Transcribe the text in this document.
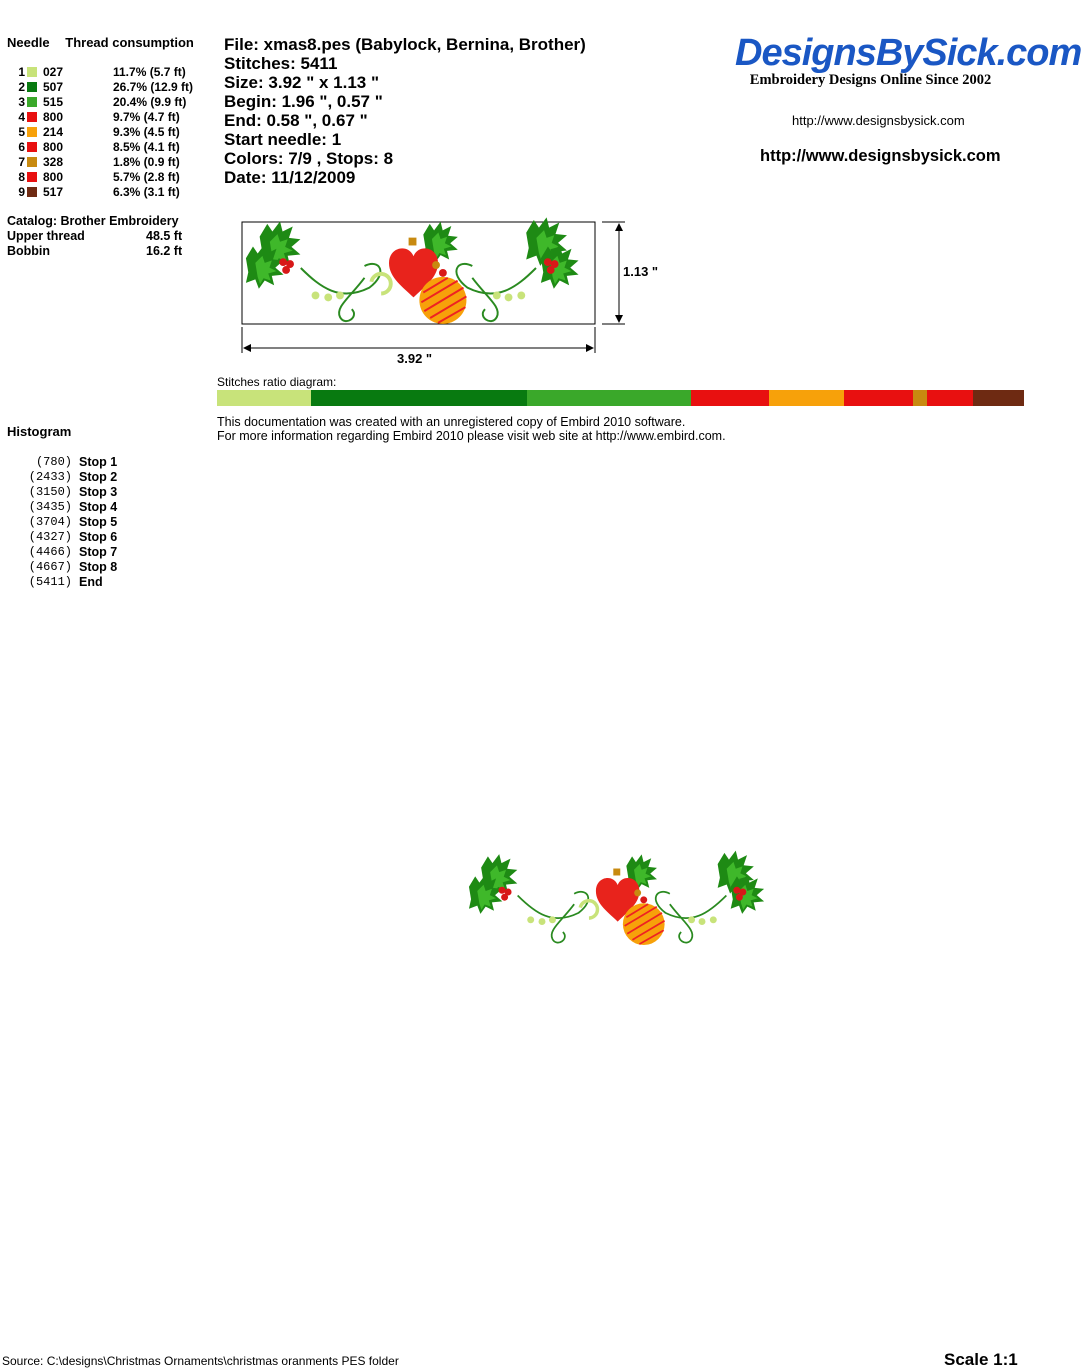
Needle Thread consumption
1 027	11.7% (5.7 ft)
2 507	26.7% (12.9 ft)
3 515	20.4% (9.9 ft)
4 800	9.7% (4.7 ft)
5 214	9.3% (4.5 ft)
6 800	8.5% (4.1 ft)
7 328	1.8% (0.9 ft)
8 800	5.7% (2.8 ft)
9 517	6.3% (3.1 ft)
Catalog: Brother Embroidery
Upper thread	48.5 ft
Bobbin	16.2 ft
File: xmas8.pes (Babylock, Bernina, Brother)
Stitches: 5411
Size: 3.92 " x 1.13 "
Begin: 1.96 ", 0.57 "
End: 0.58 ", 0.67 "
Start needle: 1
Colors: 7/9 , Stops: 8
Date: 11/12/2009
DesignsBySick.com
Embroidery Designs Online Since 2002
http://www.designsbysick.com
http://www.designsbysick.com
1.13 "
3.92 "
Stitches ratio diagram:
This documentation was created with an unregistered copy of Embird 2010 software.
For more information regarding Embird 2010 please visit web site at http://www.embird.com.
Histogram
(780) Stop 1
(2433) Stop 2
(3150) Stop 3
(3435) Stop 4
(3704) Stop 5
(4327) Stop 6
(4466) Stop 7
(4667) Stop 8
(5411) End
Source: C:\designs\Christmas Ornaments\christmas oranments PES folder	Scale 1:1
